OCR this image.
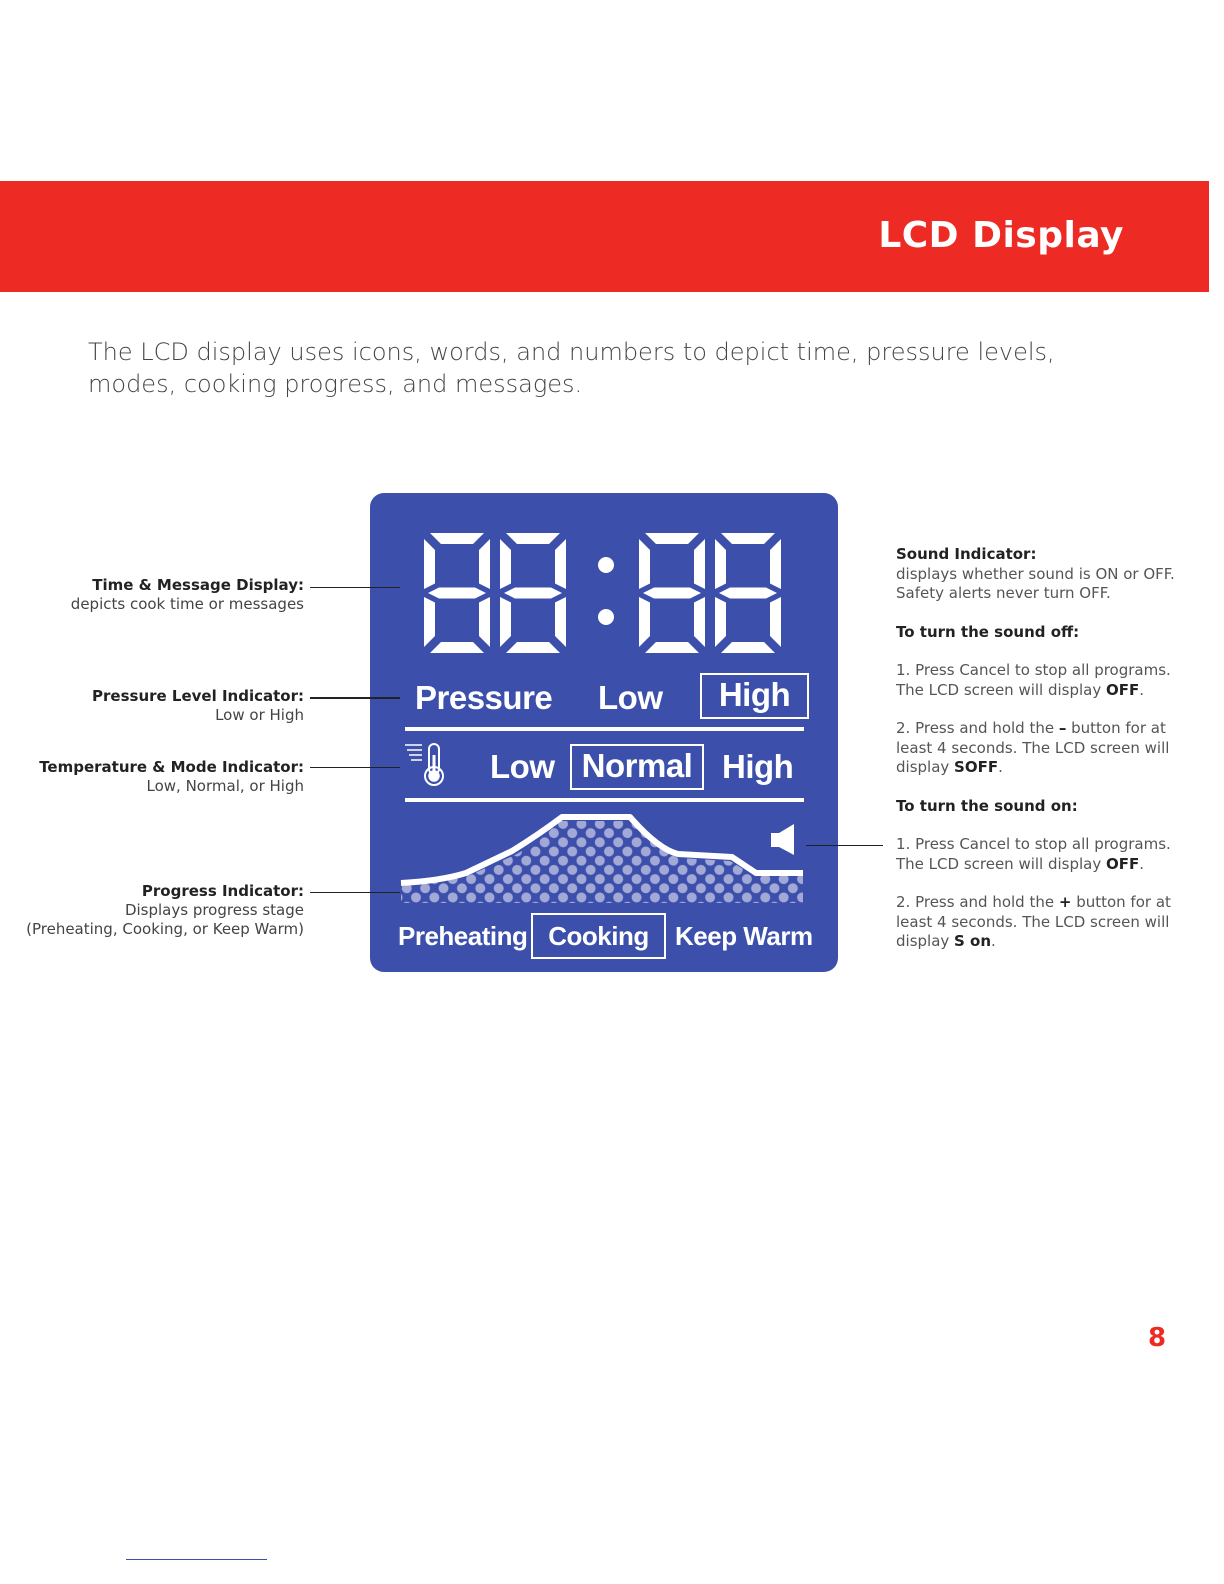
LCD Display
The LCD display uses icons, words, and numbers to depict time, pressure levels, modes, cooking progress, and messages.
Pressure Low	High
Low Normal High
Preheating Cooking	Keep Warm
Time & Message Display:
depicts cook time or messages
Pressure Level Indicator:
Low or High
Temperature & Mode Indicator:
Low, Normal, or High
Progress Indicator:
Displays progress stage
(Preheating, Cooking, or Keep Warm)

Sound Indicator:
displays whether sound is ON or OFF. Safety alerts never turn OFF.

To turn the sound off:

1. Press Cancel to stop all programs. The LCD screen will display OFF.

2. Press and hold the – button for at least 4 seconds. The LCD screen will display SOFF.

To turn the sound on:

1. Press Cancel to stop all programs. The LCD screen will display OFF.

2. Press and hold the + button for at least 4 seconds. The LCD screen will display S on.

8
